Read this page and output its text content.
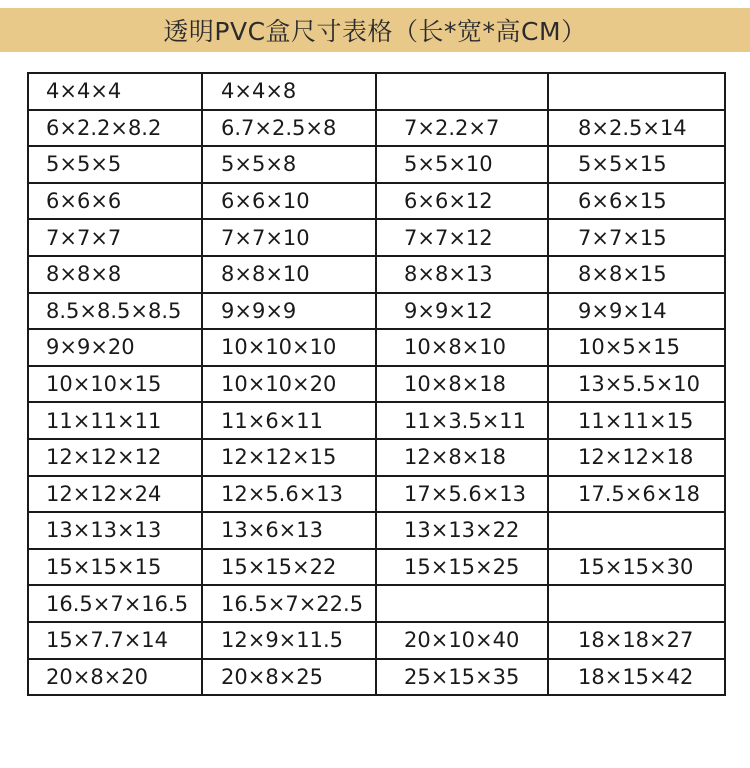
透明PVC盒尺寸表格（长*宽*高CM）
4×4×4	4×4×8		
6×2.2×8.2	6.7×2.5×8	7×2.2×7	8×2.5×14
5×5×5	5×5×8	5×5×10	5×5×15
6×6×6	6×6×10	6×6×12	6×6×15
7×7×7	7×7×10	7×7×12	7×7×15
8×8×8	8×8×10	8×8×13	8×8×15
8.5×8.5×8.5	9×9×9	9×9×12	9×9×14
9×9×20	10×10×10	10×8×10	10×5×15
10×10×15	10×10×20	10×8×18	13×5.5×10
11×11×11	11×6×11	11×3.5×11	11×11×15
12×12×12	12×12×15	12×8×18	12×12×18
12×12×24	12×5.6×13	17×5.6×13	17.5×6×18
13×13×13	13×6×13	13×13×22	
15×15×15	15×15×22	15×15×25	15×15×30
16.5×7×16.5	16.5×7×22.5		
15×7.7×14	12×9×11.5	20×10×40	18×18×27
20×8×20	20×8×25	25×15×35	18×15×42
